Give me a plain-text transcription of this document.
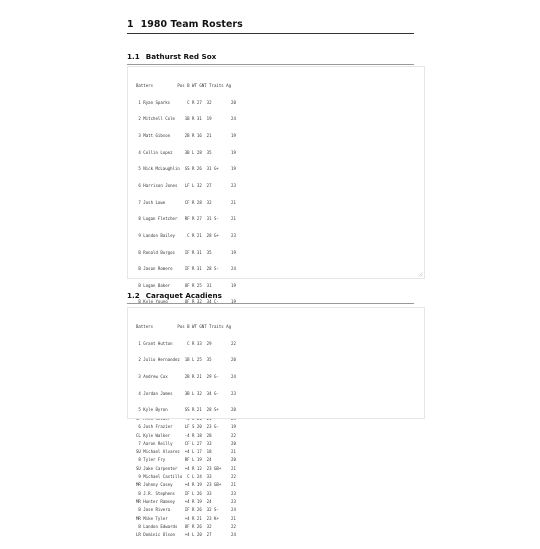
1 1980 Team Rosters
1.1 Bathurst Red Sox

Batters          Pos B WT GNT Traits Ag

1 Ryan Sparks       C R 27  32        20

2 Mitchell Cole    1B R 31  19        24

3 Matt Gibson      2B R 16  21        19

4 Collin Lopez     3B L 28  35        19

5 Nick McLaughlin  SS R 26  31 G+     19

6 Harrison Jones   LF L 32  27        23

7 Josh Lowe        CF R 28  32        21

8 Logan Fletcher   RF R 27  31 S-     21

9 Landon Bailey     C R 21  28 G+     23

B Ronald Burgos    IF R 31  35        19

B Jason Romero     IF R 31  28 S-     24

B Logan Baker      OF R 25  31        19

B Kyle Young       OF R 32  34 C-     19

CL Kyle Walker      -4 R 18  28        22

SU Michael Alvarez  +4 L 17  18        21

SU Jake Carpenter   +4 R 12  23 GB+    21

MR Johnny Casey     +4 R 19  23 GB+    21

MR Hunter Ramsey    +4 R 19  24        23

MR Mike Tyler       +4 R 21  23 K+     21

LR Dominic Olson    +4 L 20  27        24

1.2 Caraquet Acadiens

Batters          Pos B WT GNT Traits Ag

1 Grant Hutton      C R 33  29        22

2 Julio Hernandez  1B L 25  35        20

3 Andrew Cox       2B R 21  29 G-     24

4 Jordan James     3B L 32  34 G-     23

5 Kyle Byron       SS R 21  28 S+     20

6 Josh Frazier     LF S 20  23 G-     19

7 Aaron Reilly     CF L 27  33        20

8 Tyler Fry        RF L 19  24        20

9 Michael Castillo  C L 24  33        22

B J.R. Stephens    IF L 26  33        23

B Jose Rivera      IF R 26  32 S-     24

B Landon Edwards   OF R 26  32        22
